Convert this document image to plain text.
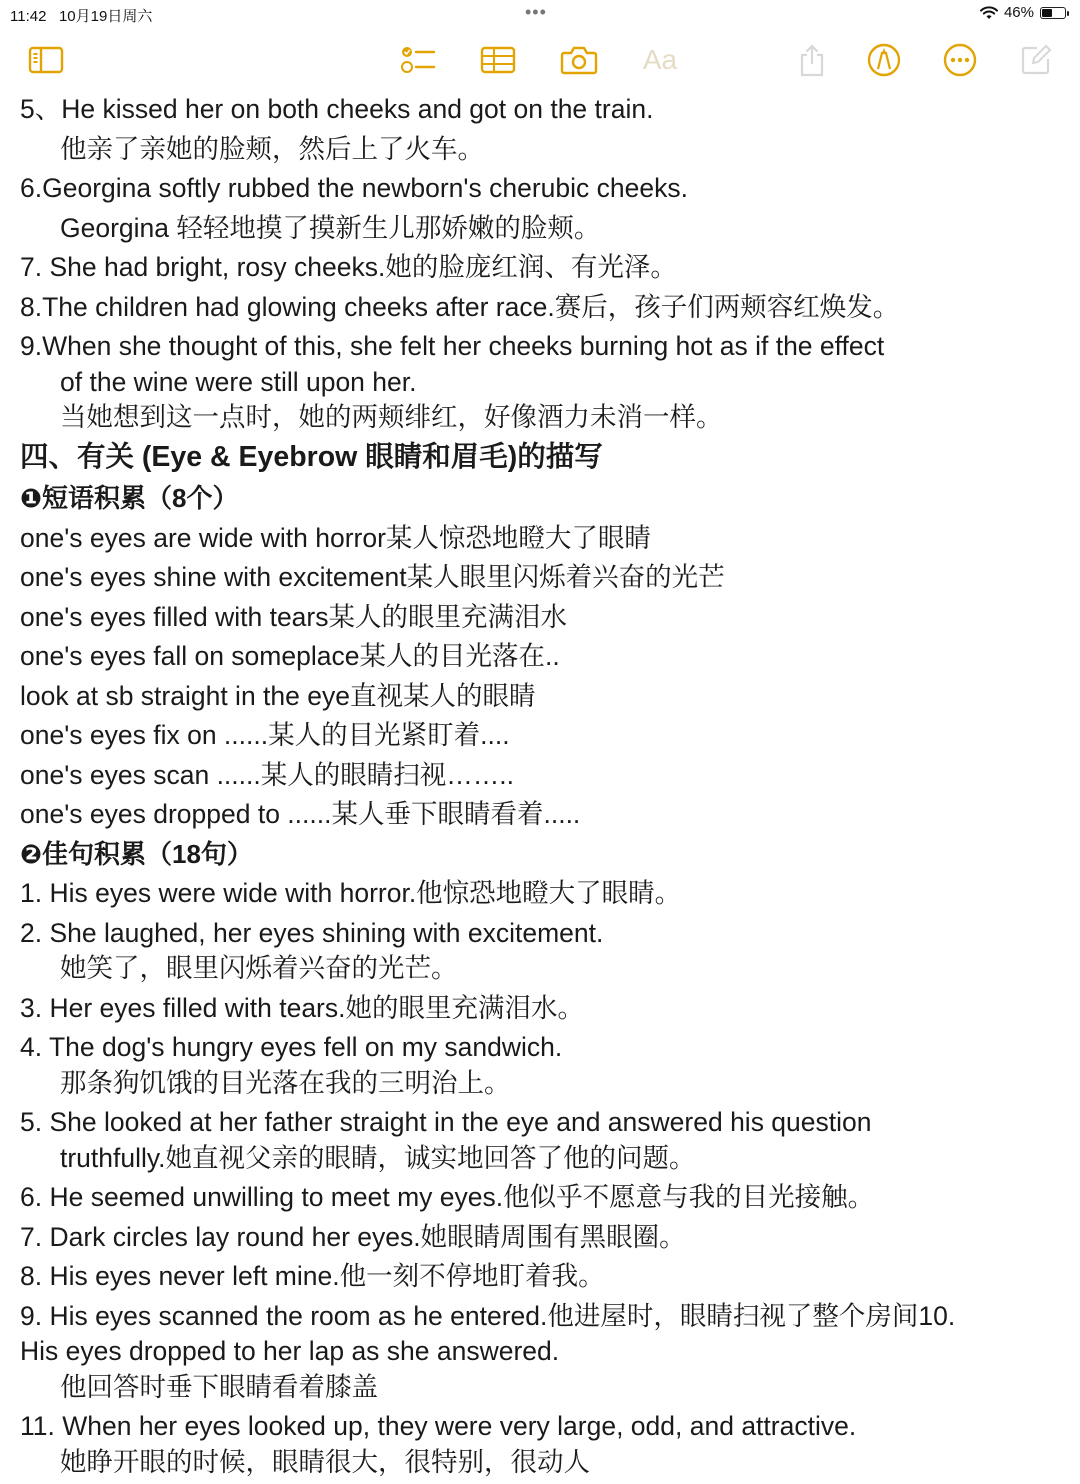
11:42 10月19日周六	•••	46%
Aa

5、He kissed her on both cheeks and got on the train.

他亲了亲她的脸颊，然后上了火车。

6.Georgina softly rubbed the newborn's cherubic cheeks.

Georgina 轻轻地摸了摸新生儿那娇嫩的脸颊。

7. She had bright, rosy cheeks.她的脸庞红润、有光泽。

8.The children had glowing cheeks after race.赛后，孩子们两颊容红焕发。

9.When she thought of this, she felt her cheeks burning hot as if the effect

of the wine were still upon her.

当她想到这一点时，她的两颊绯红，好像酒力未消一样。

四、有关 (Eye & Eyebrow 眼睛和眉毛)的描写

❶短语积累（8个）

one's eyes are wide with horror某人惊恐地瞪大了眼睛

one's eyes shine with excitement某人眼里闪烁着兴奋的光芒

one's eyes filled with tears某人的眼里充满泪水

one's eyes fall on someplace某人的目光落在..

look at sb straight in the eye直视某人的眼睛

one's eyes fix on ......某人的目光紧盯着....

one's eyes scan ......某人的眼睛扫视……..

one's eyes dropped to ......某人垂下眼睛看着.....

❷佳句积累（18句）

1. His eyes were wide with horror.他惊恐地瞪大了眼睛。

2. She laughed, her eyes shining with excitement.

她笑了，眼里闪烁着兴奋的光芒。

3. Her eyes filled with tears.她的眼里充满泪水。

4. The dog's hungry eyes fell on my sandwich.

那条狗饥饿的目光落在我的三明治上。

5. She looked at her father straight in the eye and answered his question

truthfully.她直视父亲的眼睛，诚实地回答了他的问题。

6. He seemed unwilling to meet my eyes.他似乎不愿意与我的目光接触。

7. Dark circles lay round her eyes.她眼睛周围有黑眼圈。

8. His eyes never left mine.他一刻不停地盯着我。

9. His eyes scanned the room as he entered.他进屋时，眼睛扫视了整个房间10.

His eyes dropped to her lap as she answered.

他回答时垂下眼睛看着膝盖

11. When her eyes looked up, they were very large, odd, and attractive.

她睁开眼的时候，眼睛很大，很特别，很动人
